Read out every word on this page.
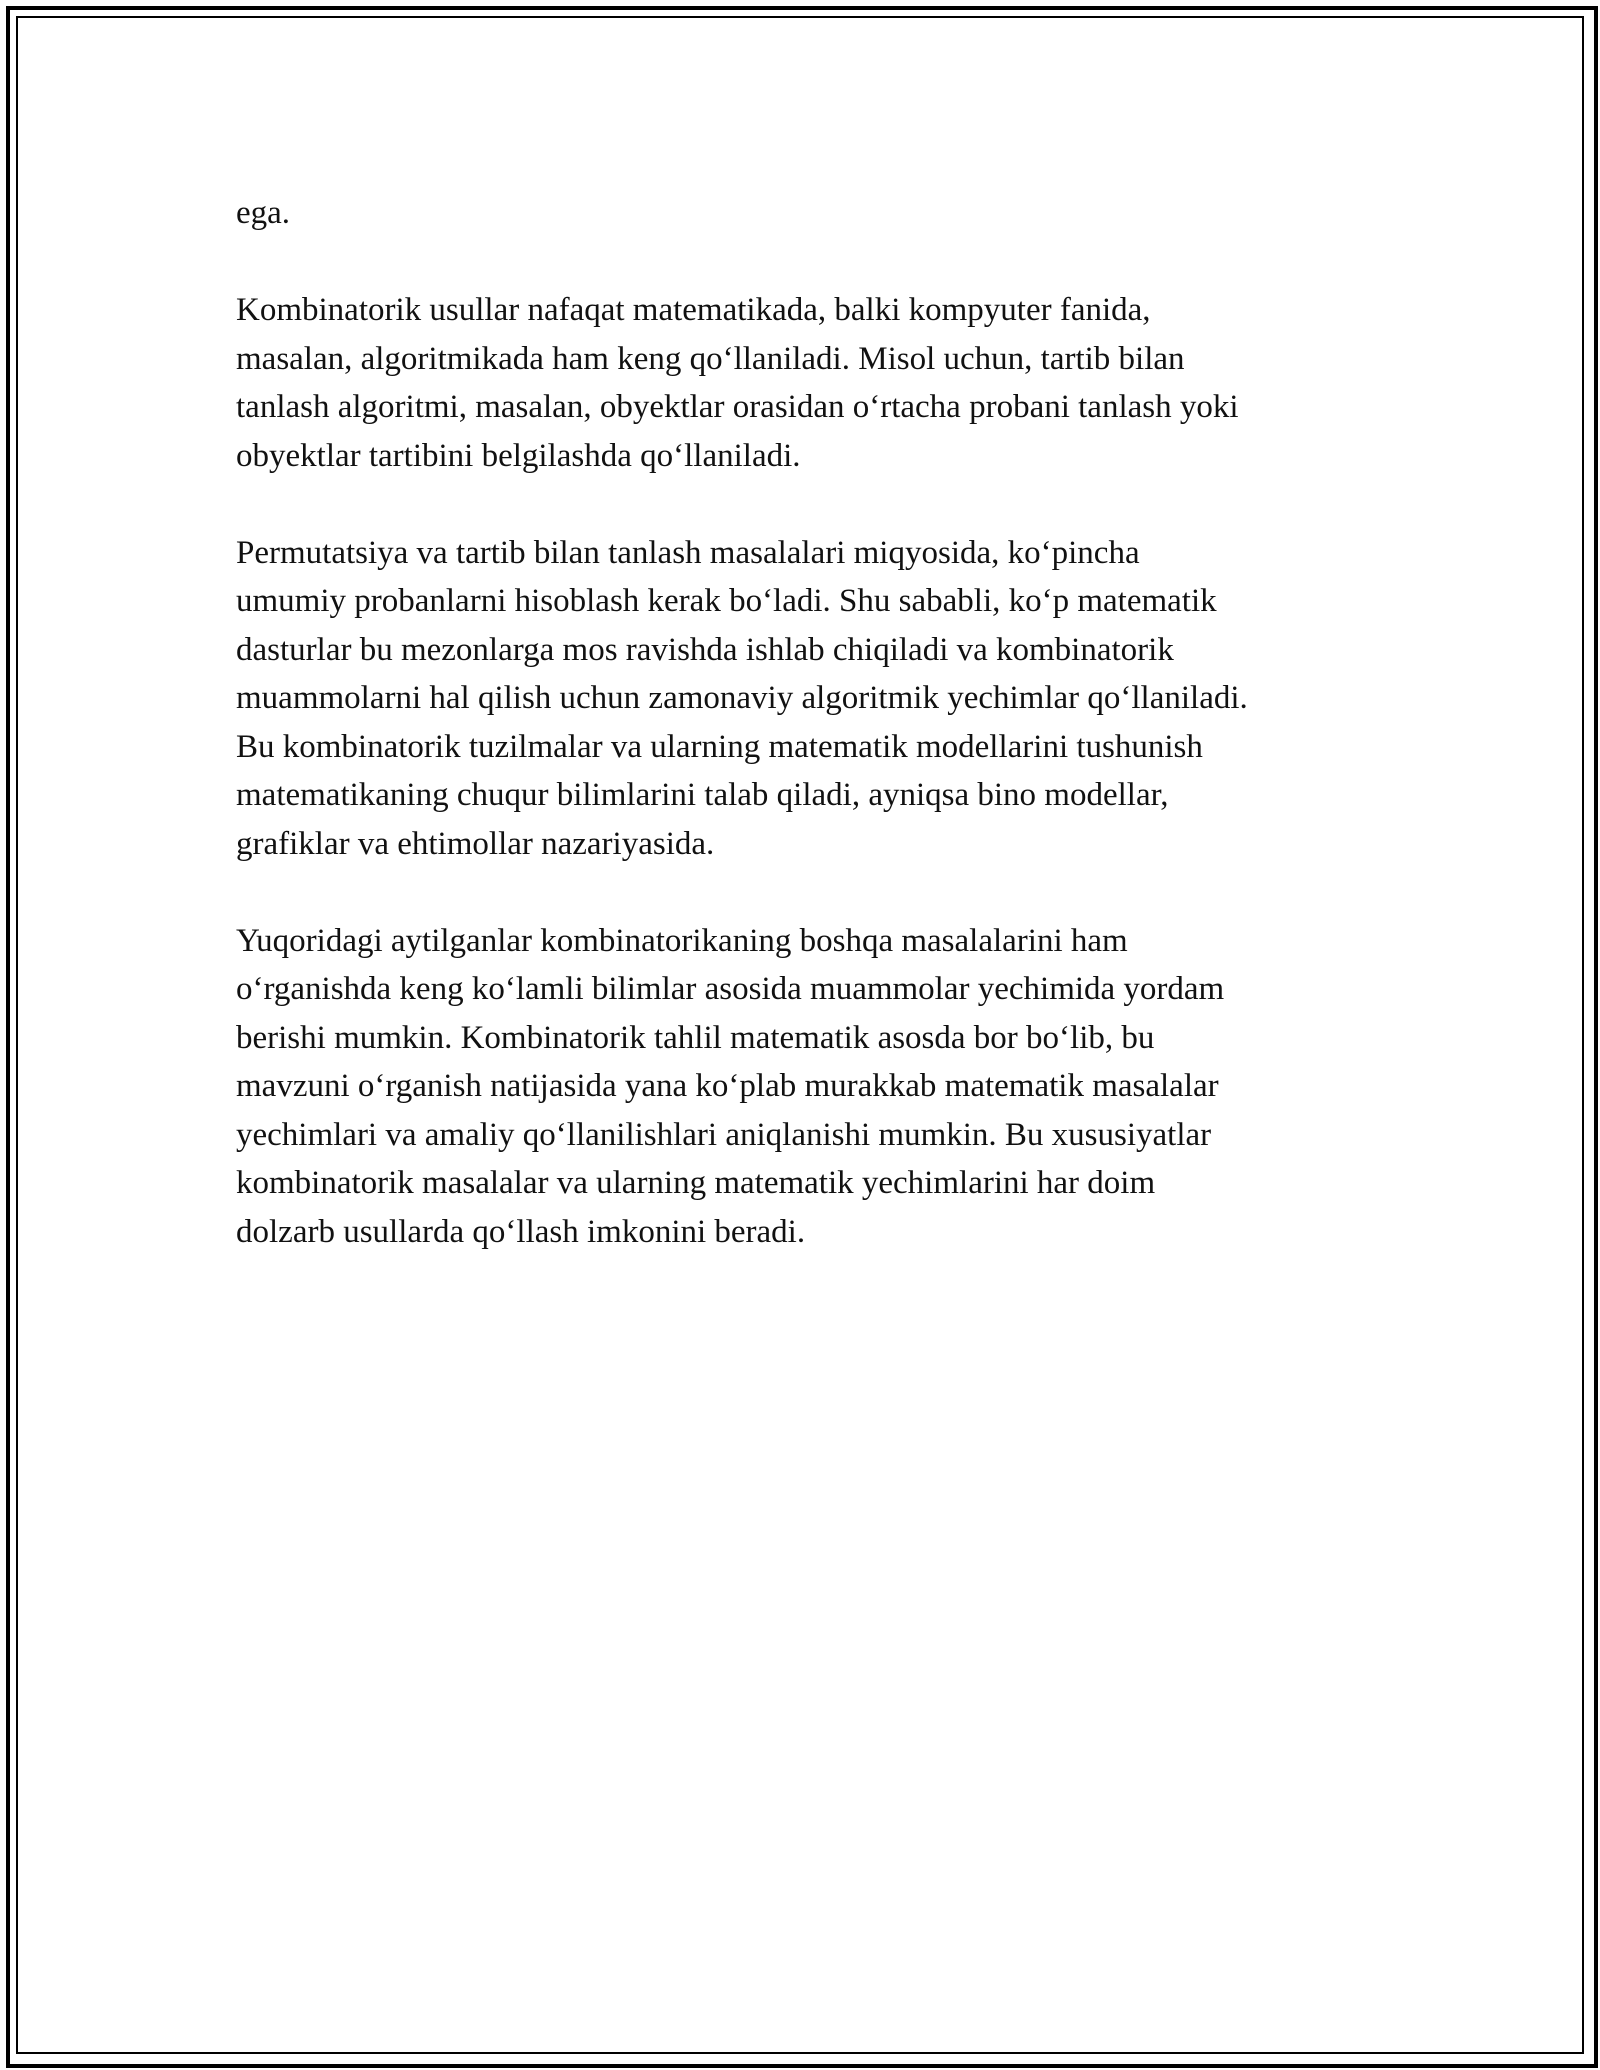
ega.

Kombinatorik usullar nafaqat matematikada, balki kompyuter fanida,
masalan, algoritmikada ham keng qo‘llaniladi. Misol uchun, tartib bilan
tanlash algoritmi, masalan, obyektlar orasidan o‘rtacha probani tanlash yoki
obyektlar tartibini belgilashda qo‘llaniladi.

Permutatsiya va tartib bilan tanlash masalalari miqyosida, ko‘pincha
umumiy probanlarni hisoblash kerak bo‘ladi. Shu sababli, ko‘p matematik
dasturlar bu mezonlarga mos ravishda ishlab chiqiladi va kombinatorik
muammolarni hal qilish uchun zamonaviy algoritmik yechimlar qo‘llaniladi.
Bu kombinatorik tuzilmalar va ularning matematik modellarini tushunish
matematikaning chuqur bilimlarini talab qiladi, ayniqsa bino modellar,
grafiklar va ehtimollar nazariyasida.

Yuqoridagi aytilganlar kombinatorikaning boshqa masalalarini ham
o‘rganishda keng ko‘lamli bilimlar asosida muammolar yechimida yordam
berishi mumkin. Kombinatorik tahlil matematik asosda bor bo‘lib, bu
mavzuni o‘rganish natijasida yana ko‘plab murakkab matematik masalalar
yechimlari va amaliy qo‘llanilishlari aniqlanishi mumkin. Bu xususiyatlar
kombinatorik masalalar va ularning matematik yechimlarini har doim
dolzarb usullarda qo‘llash imkonini beradi.
